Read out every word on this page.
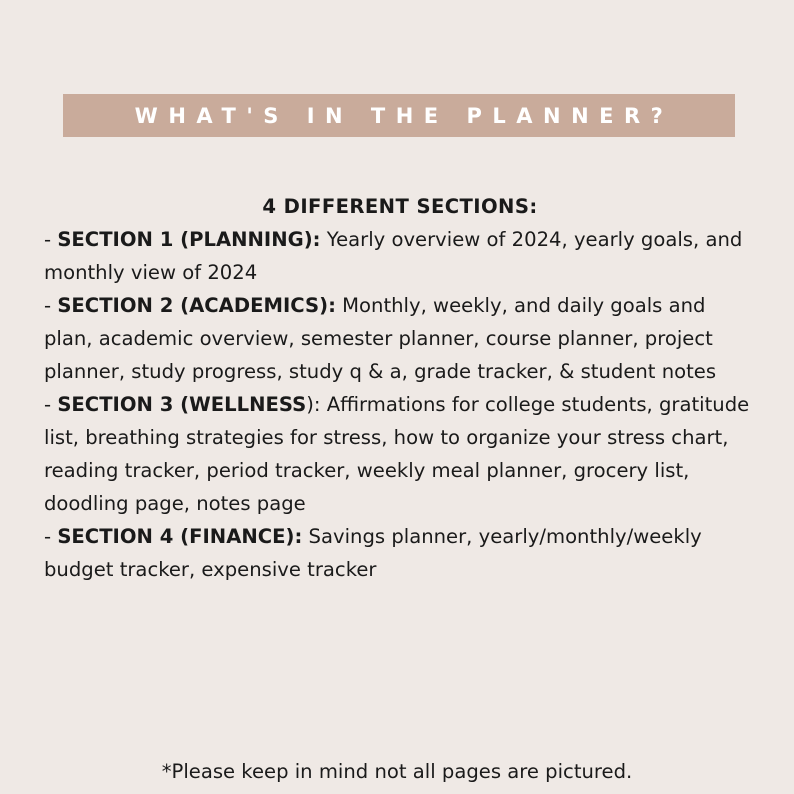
WHAT'S IN THE PLANNER?
4 DIFFERENT SECTIONS:

- SECTION 1 (PLANNING): Yearly overview of 2024, yearly goals, and monthly view of 2024

- SECTION 2 (ACADEMICS): Monthly, weekly, and daily goals and plan, academic overview, semester planner, course planner, project planner, study progress, study q & a, grade tracker, & student notes

- SECTION 3 (WELLNESS): Affirmations for college students, gratitude list, breathing strategies for stress, how to organize your stress chart, reading tracker, period tracker, weekly meal planner, grocery list, doodling page, notes page

- SECTION 4 (FINANCE): Savings planner, yearly/monthly/weekly budget tracker, expensive tracker

*Please keep in mind not all pages are pictured.
